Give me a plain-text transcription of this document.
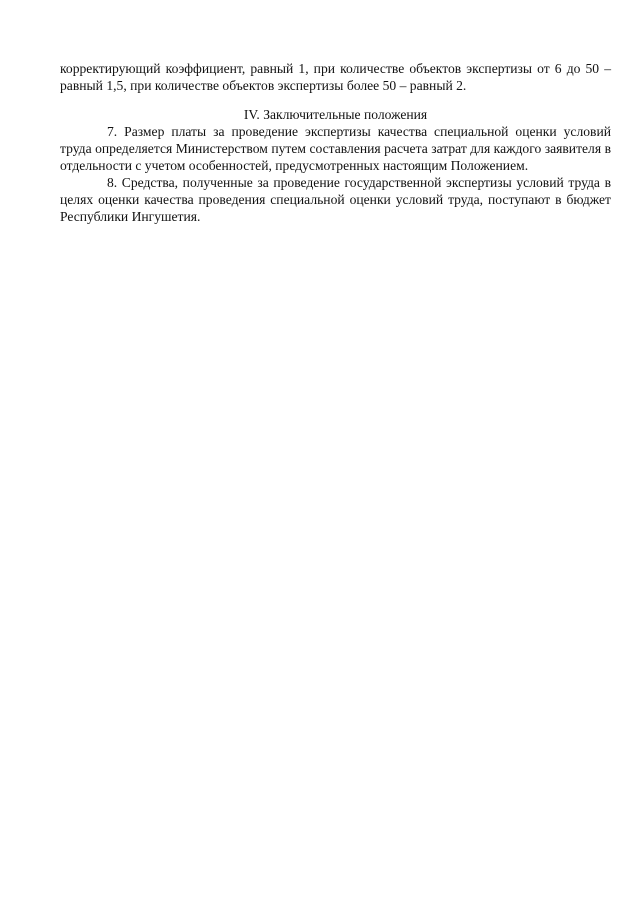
корректирующий коэффициент, равный 1, при количестве объектов экспертизы от 6 до 50 – равный 1,5, при количестве объектов экспертизы более 50 – равный 2.

IV. Заключительные положения

7. Размер платы за проведение экспертизы качества специальной оценки условий труда определяется Министерством путем составления расчета затрат для каждого заявителя в отдельности с учетом особенностей, предусмотренных настоящим Положением.

8. Средства, полученные за проведение государственной экспертизы условий труда в целях оценки качества проведения специальной оценки условий труда, поступают в бюджет Республики Ингушетия.
